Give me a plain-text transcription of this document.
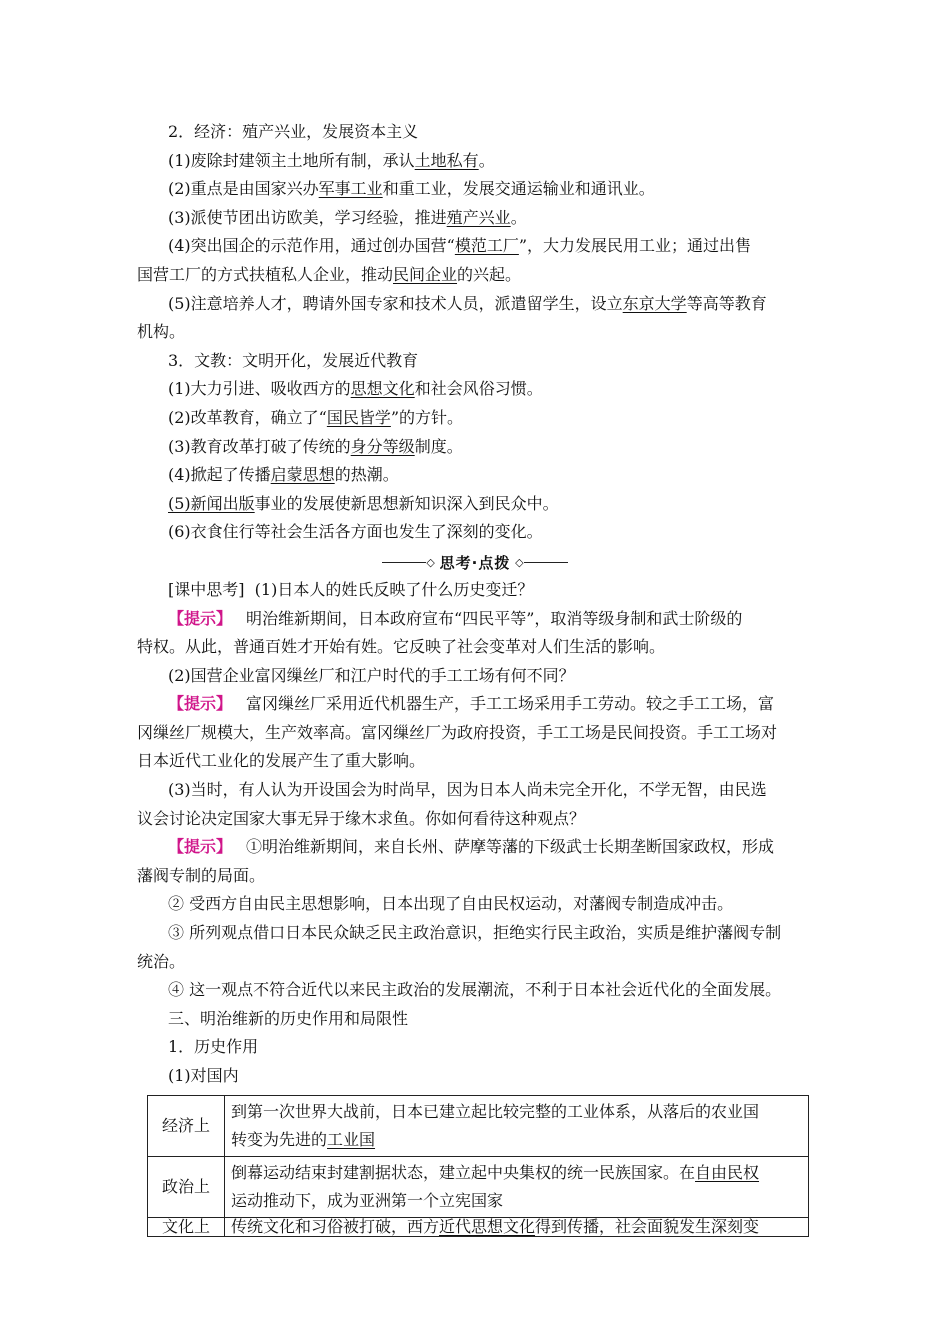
2．经济：殖产兴业，发展资本主义
(1)废除封建领主土地所有制，承认土地私有。
(2)重点是由国家兴办军事工业和重工业，发展交通运输业和通讯业。
(3)派使节团出访欧美，学习经验，推进殖产兴业。
(4)突出国企的示范作用，通过创办国营“模范工厂”，大力发展民用工业；通过出售
国营工厂的方式扶植私人企业，推动民间企业的兴起。
(5)注意培养人才，聘请外国专家和技术人员，派遣留学生，设立东京大学等高等教育
机构。
3．文教：文明开化，发展近代教育
(1)大力引进、吸收西方的思想文化和社会风俗习惯。
(2)改革教育，确立了“国民皆学”的方针。
(3)教育改革打破了传统的身分等级制度。
(4)掀起了传播启蒙思想的热潮。
(5)新闻出版事业的发展使新思想新知识深入到民众中。
(6)衣食住行等社会生活各方面也发生了深刻的变化。
◇ 思考·点拨 ◇
[课中思考] (1)日本人的姓氏反映了什么历史变迁？
【提示】 明治维新期间，日本政府宣布“四民平等”，取消等级身制和武士阶级的
特权。从此，普通百姓才开始有姓。它反映了社会变革对人们生活的影响。
(2)国营企业富冈缫丝厂和江户时代的手工工场有何不同？
【提示】 富冈缫丝厂采用近代机器生产，手工工场采用手工劳动。较之手工工场，富
冈缫丝厂规模大，生产效率高。富冈缫丝厂为政府投资，手工工场是民间投资。手工工场对
日本近代工业化的发展产生了重大影响。
(3)当时，有人认为开设国会为时尚早，因为日本人尚未完全开化，不学无智，由民选
议会讨论决定国家大事无异于缘木求鱼。你如何看待这种观点？
【提示】 ①明治维新期间，来自长州、萨摩等藩的下级武士长期垄断国家政权，形成
藩阀专制的局面。
② 受西方自由民主思想影响，日本出现了自由民权运动，对藩阀专制造成冲击。
③ 所列观点借口日本民众缺乏民主政治意识，拒绝实行民主政治，实质是维护藩阀专制
统治。
④ 这一观点不符合近代以来民主政治的发展潮流，不利于日本社会近代化的全面发展。
三、明治维新的历史作用和局限性
1．历史作用
(1)对国内
经济上	到第一次世界大战前，日本已建立起比较完整的工业体系，从落后的农业国
转变为先进的工业国

政治上	倒幕运动结束封建割据状态，建立起中央集权的统一民族国家。在自由民权
运动推动下，成为亚洲第一个立宪国家

文化上	传统文化和习俗被打破，西方近代思想文化得到传播，社会面貌发生深刻变
